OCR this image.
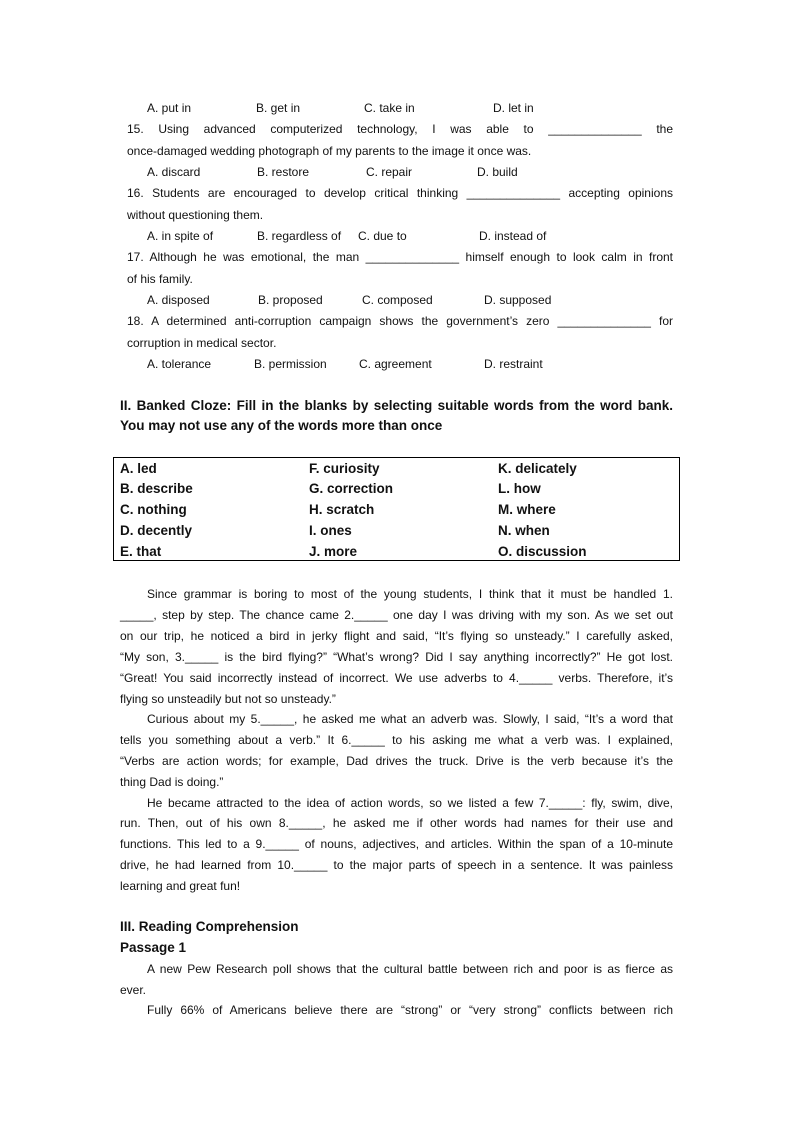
A. put in	B. get in	C. take in	D. let in
15. Using advanced computerized technology, I was able to ______________ the
once-damaged wedding photograph of my parents to the image it once was.
A. discard	B. restore	C. repair	D. build
16. Students are encouraged to develop critical thinking ______________ accepting opinions
without questioning them.
A. in spite of	B. regardless of C. due to	D. instead of
17. Although he was emotional, the man ______________ himself enough to look calm in front
of his family.
A. disposed	B. proposed	C. composed	D. supposed
18. A determined anti-corruption campaign shows the government’s zero ______________ for
corruption in medical sector.
A. tolerance	B. permission	C. agreement	D. restraint
II. Banked Cloze: Fill in the blanks by selecting suitable words from the word bank.
You may not use any of the words more than once
A. led	F. curiosity	K. delicately
B. describe	G. correction	L. how
C. nothing	H. scratch	M. where
D. decently	I. ones	N. when
E. that	J. more	O. discussion
Since grammar is boring to most of the young students, I think that it must be handled 1.
_____, step by step. The chance came 2._____ one day I was driving with my son. As we set out
on our trip, he noticed a bird in jerky flight and said, “It’s flying so unsteady.” I carefully asked,
“My son, 3._____ is the bird flying?” “What’s wrong? Did I say anything incorrectly?” He got lost.
“Great! You said incorrectly instead of incorrect. We use adverbs to 4._____ verbs. Therefore, it’s
flying so unsteadily but not so unsteady.”
Curious about my 5._____, he asked me what an adverb was. Slowly, I said, “It’s a word that
tells you something about a verb.” It 6._____ to his asking me what a verb was. I explained,
“Verbs are action words; for example, Dad drives the truck. Drive is the verb because it’s the
thing Dad is doing.”
He became attracted to the idea of action words, so we listed a few 7._____: fly, swim, dive,
run. Then, out of his own 8._____, he asked me if other words had names for their use and
functions. This led to a 9._____ of nouns, adjectives, and articles. Within the span of a 10-minute
drive, he had learned from 10._____ to the major parts of speech in a sentence. It was painless
learning and great fun!
III. Reading Comprehension
Passage 1
A new Pew Research poll shows that the cultural battle between rich and poor is as fierce as
ever.
Fully 66% of Americans believe there are “strong” or “very strong” conflicts between rich
